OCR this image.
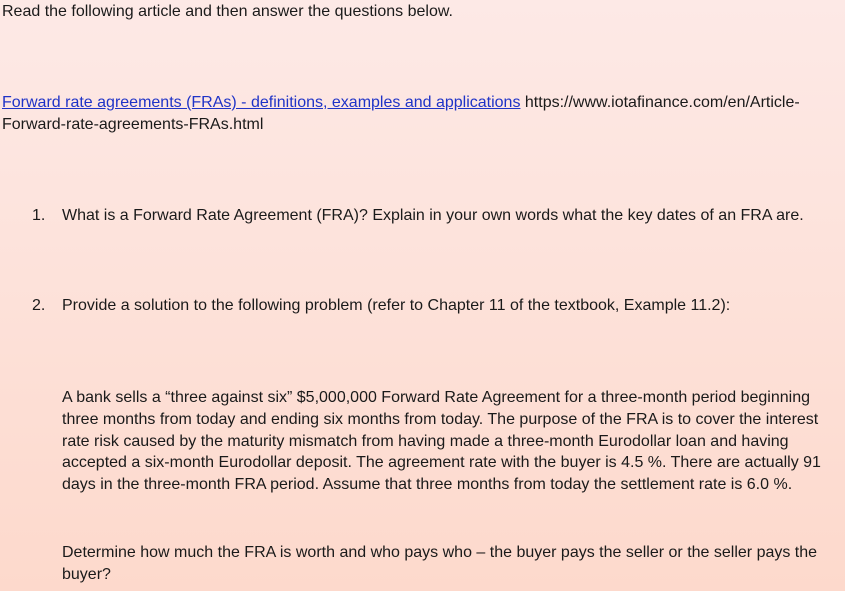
Read the following article and then answer the questions below.
Forward rate agreements (FRAs) - definitions, examples and applications https://www.iotafinance.com/en/Article-
Forward-rate-agreements-FRAs.html
1. What is a Forward Rate Agreement (FRA)? Explain in your own words what the key dates of an FRA are.
2. Provide a solution to the following problem (refer to Chapter 11 of the textbook, Example 11.2):
A bank sells a “three against six” $5,000,000 Forward Rate Agreement for a three-month period beginning three months from today and ending six months from today. The purpose of the FRA is to cover the interest rate risk caused by the maturity mismatch from having made a three-month Eurodollar loan and having accepted a six-month Eurodollar deposit. The agreement rate with the buyer is 4.5 %. There are actually 91 days in the three-month FRA period. Assume that three months from today the settlement rate is 6.0 %.
Determine how much the FRA is worth and who pays who – the buyer pays the seller or the seller pays the buyer?
